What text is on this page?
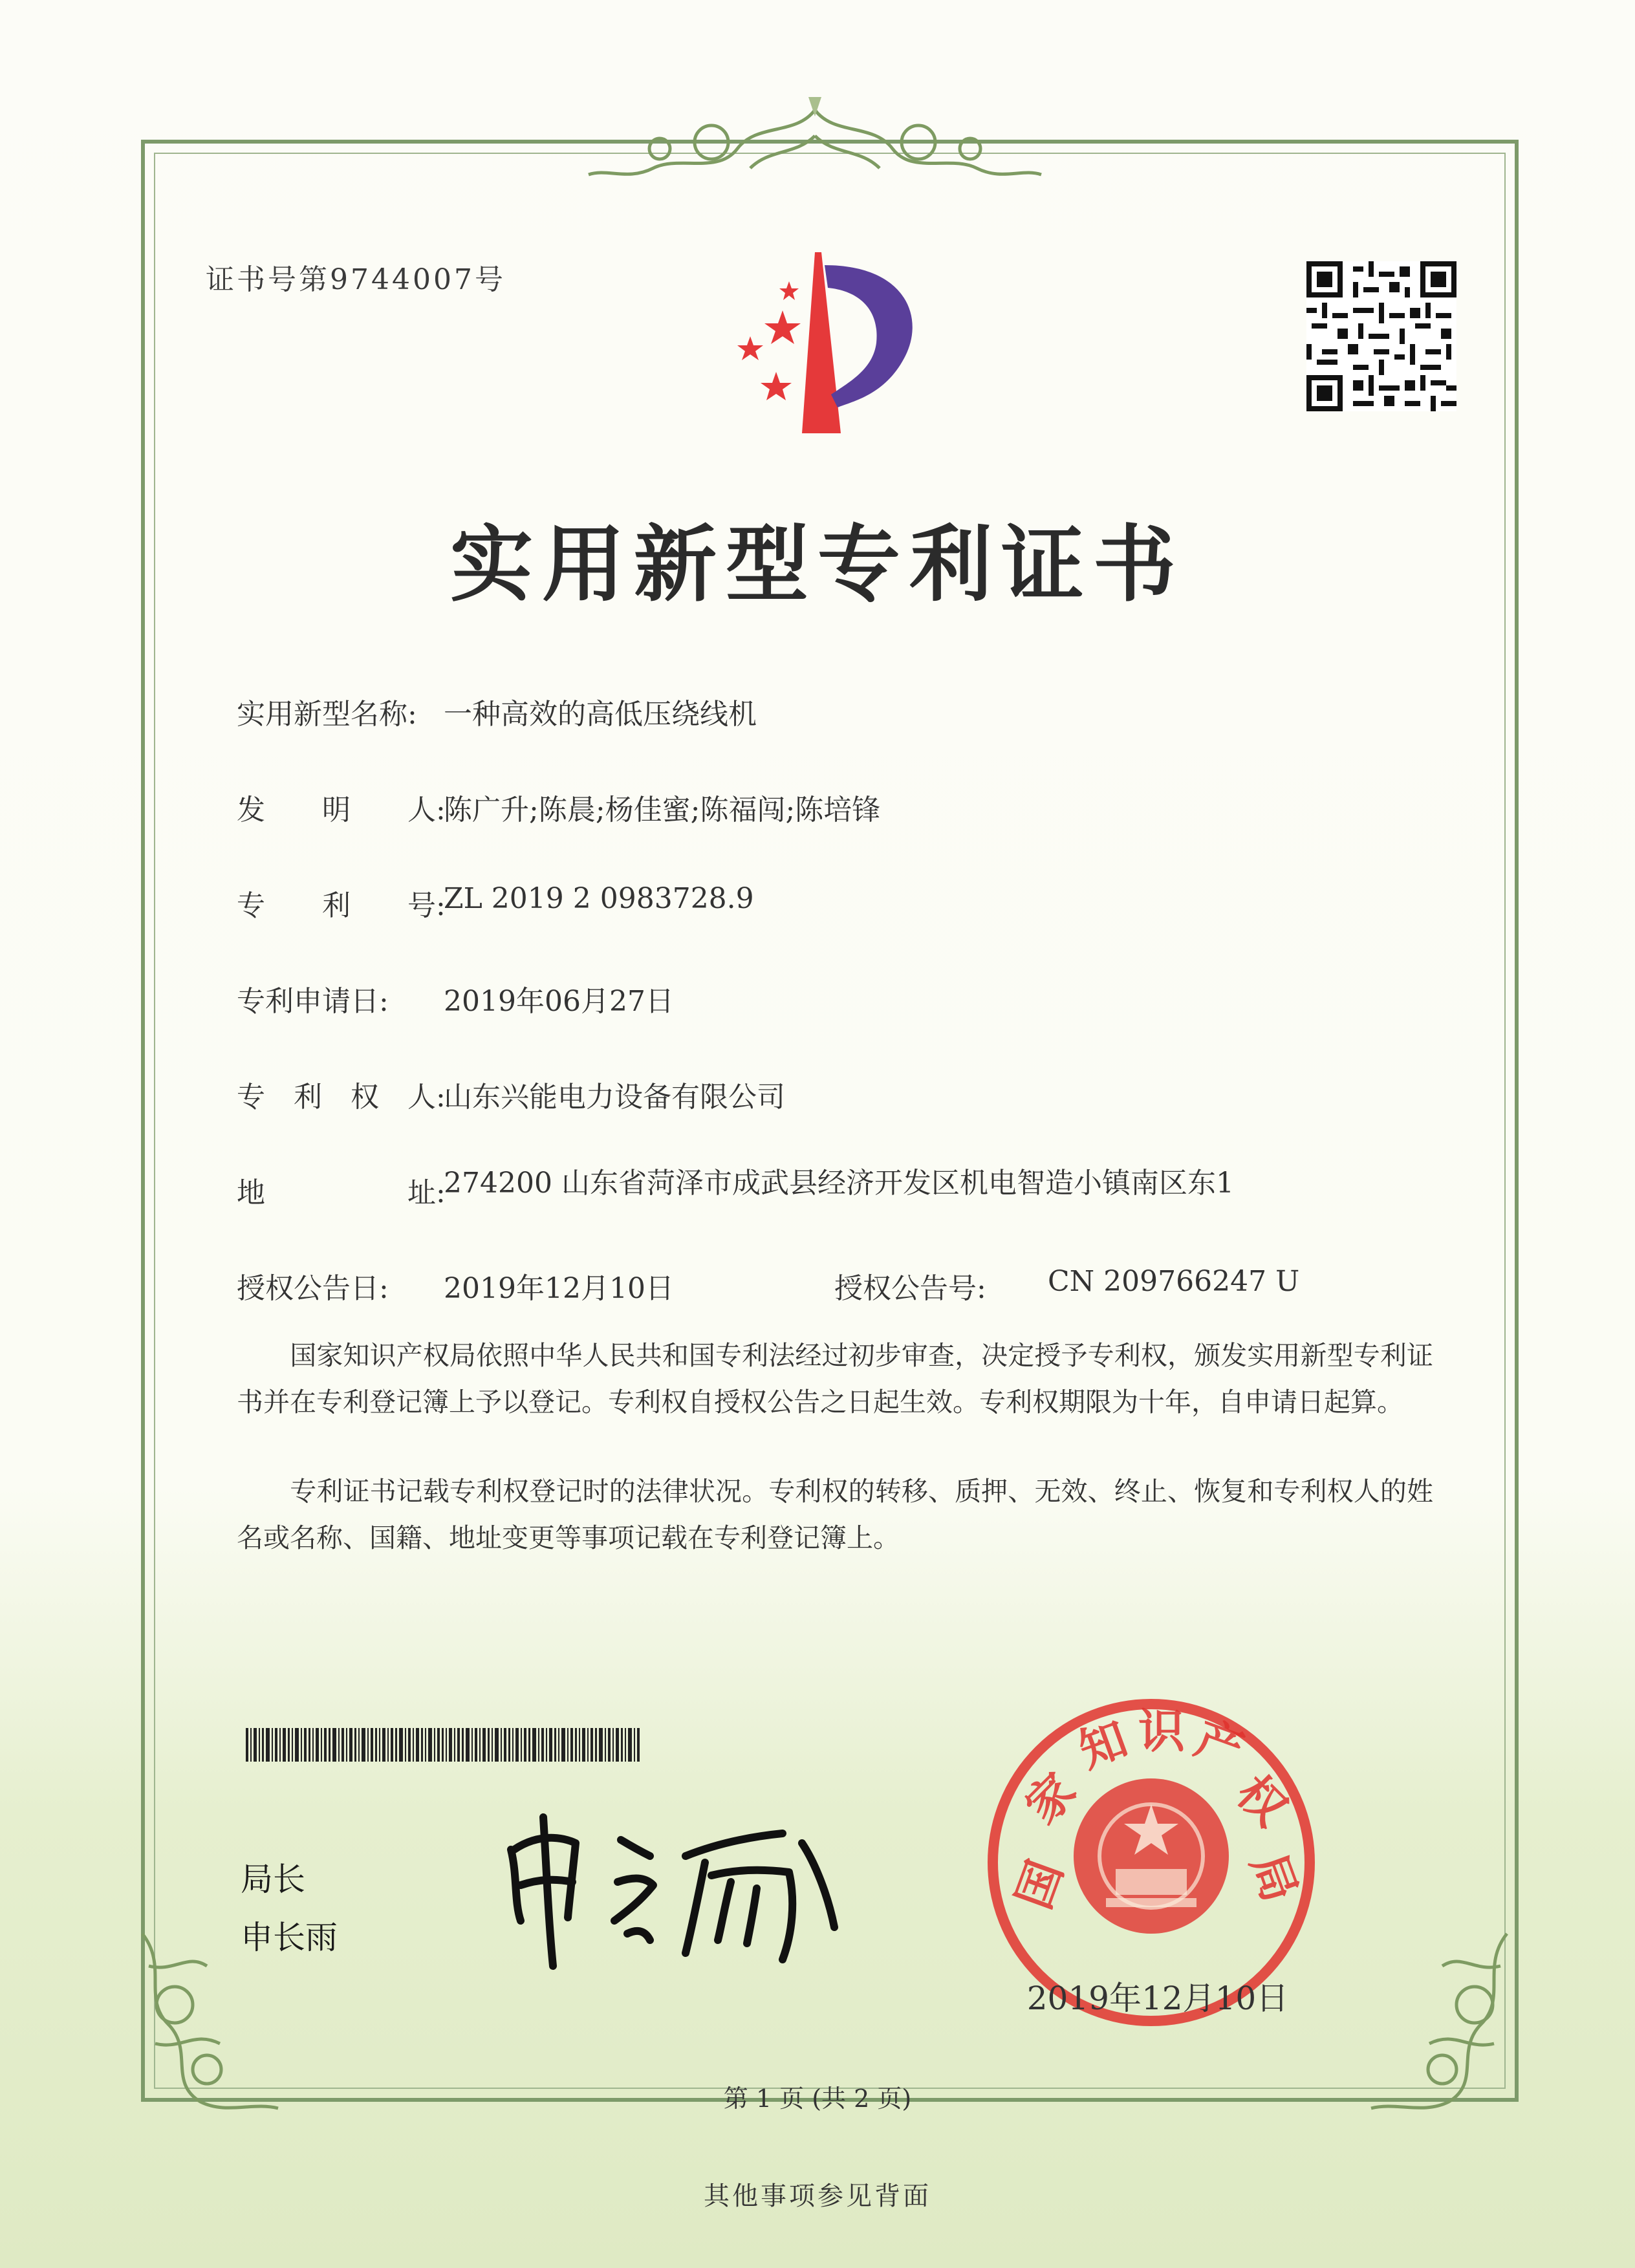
证书号第9744007号
实用新型专利证书
实用新型名称: 一种高效的高低压绕线机
发　　明　　人:
陈广升;陈晨;杨佳蜜;陈福闯;陈培锋
专　　利　　号:
ZL 2019 2 0983728.9
专利申请日: 2019年06月27日
专　利　权　人:
山东兴能电力设备有限公司
地　　　　　址:
274200 山东省菏泽市成武县经济开发区机电智造小镇南区东1
授权公告日: 2019年12月10日	授权公告号: CN 209766247 U
　　国家知识产权局依照中华人民共和国专利法经过初步审查，决定授予专利权，颁发实用新型专利证书并在专利登记簿上予以登记。专利权自授权公告之日起生效。专利权期限为十年，自申请日起算。
　　专利证书记载专利权登记时的法律状况。专利权的转移、质押、无效、终止、恢复和专利权人的姓名或名称、国籍、地址变更等事项记载在专利登记簿上。
局长
申长雨
国
家
知 识 产
权
局
2019年12月10日
第 1 页 (共 2 页)
其他事项参见背面
